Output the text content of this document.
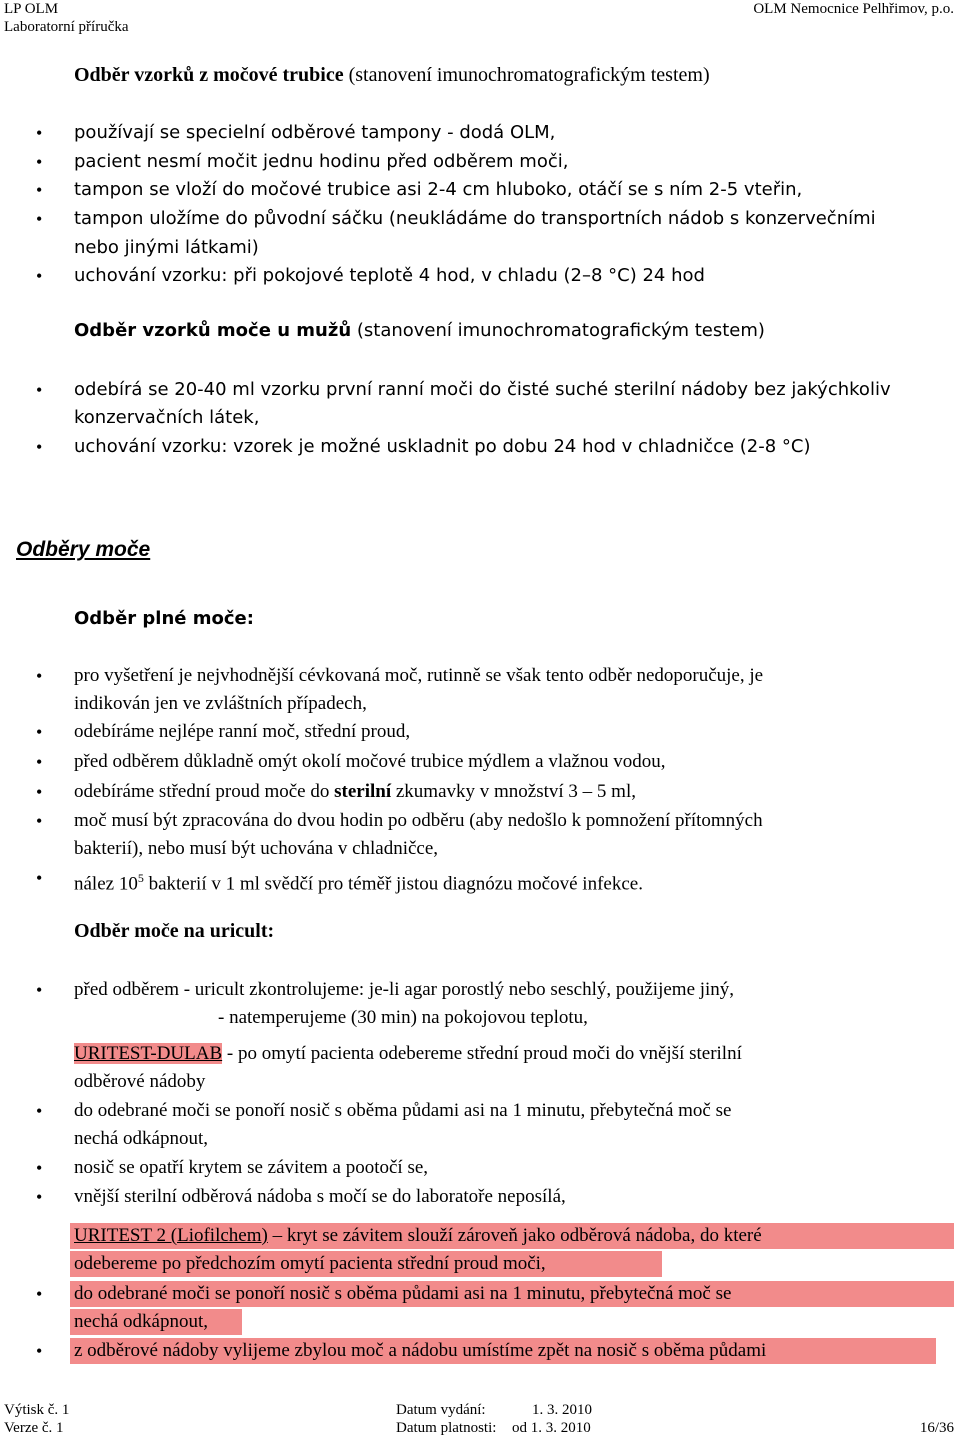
LP OLM
Laboratorní příručka
OLM Nemocnice Pelhřimov, p.o.
Odběr vzorků z močové trubice (stanovení imunochromatografickým testem)
• používají se specielní odběrové tampony - dodá OLM,
• pacient nesmí močit jednu hodinu před odběrem moči,
• tampon se vloží do močové trubice asi 2-4 cm hluboko, otáčí se s ním 2-5 vteřin,
• tampon uložíme do původní sáčku (neukládáme do transportních nádob s konzervečními
nebo jinými látkami)
• uchování vzorku: při pokojové teplotě 4 hod, v chladu (2–8 °C) 24 hod
Odběr vzorků moče u mužů (stanovení imunochromatografickým testem)
• odebírá se 20-40 ml vzorku první ranní moči do čisté suché sterilní nádoby bez jakýchkoliv
konzervačních látek,
• uchování vzorku: vzorek je možné uskladnit po dobu 24 hod v chladničce (2-8 °C)
Odběry moče
Odběr plné moče:
• pro vyšetření je nejvhodnější cévkovaná moč, rutinně se však tento odběr nedoporučuje, je
indikován jen ve zvláštních případech,
• odebíráme nejlépe ranní moč, střední proud,
• před odběrem důkladně omýt okolí močové trubice mýdlem a vlažnou vodou,
• odebíráme střední proud moče do sterilní zkumavky v množství 3 – 5 ml,
• moč musí být zpracována do dvou hodin po odběru (aby nedošlo k pomnožení přítomných
bakterií), nebo musí být uchována v chladničce,
• nález $10^5$ bakterií v 1 ml svědčí pro téměř jistou diagnózu močové infekce.
Odběr moče na uricult:
• před odběrem - uricult zkontrolujeme: je-li agar porostlý nebo seschlý, použijeme jiný,
- natemperujeme (30 min) na pokojovou teplotu,
URITEST-DULAB - po omytí pacienta odebereme střední proud moči do vnější sterilní
odběrové nádoby
• do odebrané moči se ponoří nosič s oběma půdami asi na 1 minutu, přebytečná moč se
nechá odkápnout,
• nosič se opatří krytem se závitem a pootočí se,
• vnější sterilní odběrová nádoba s močí se do laboratoře neposílá,
URITEST 2 (Liofilchem) – kryt se závitem slouží zároveň jako odběrová nádoba, do které
odebereme po předchozím omytí pacienta střední proud moči,
• do odebrané moči se ponoří nosič s oběma půdami asi na 1 minutu, přebytečná moč se
nechá odkápnout,
• z odběrové nádoby vylijeme zbylou moč a nádobu umístíme zpět na nosič s oběma půdami
Výtisk č. 1
Verze č. 1
Datum vydání:	1. 3. 2010
Datum platnosti: od 1. 3. 2010	16/36
